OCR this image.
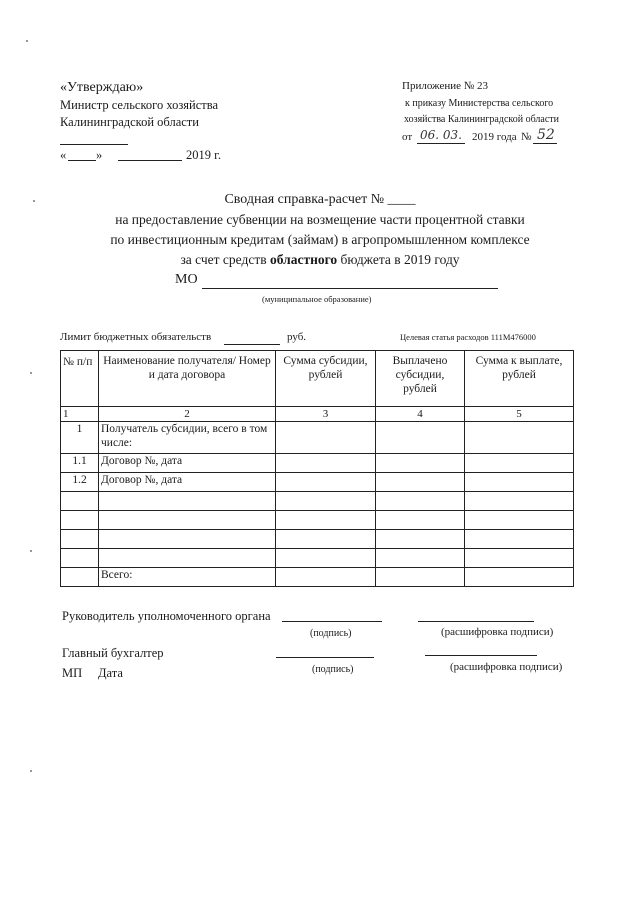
«Утверждаю»
Министр сельского хозяйства
Калининградской области
« »	2019 г.
Приложение № 23
к приказу Министерства сельского
хозяйства Калининградской области
от 06. 03. 2019 года № 52
Сводная справка-расчет № ____
на предоставление субвенции на возмещение части процентной ставки
по инвестиционным кредитам (займам) в агропромышленном комплексе
за счет средств областного бюджета в 2019 году
МО
(муниципальное образование)
Лимит бюджетных обязательств	руб.	Целевая статья расходов 111М476000
№ п/п	Наименование получателя/ Номер и дата договора	Сумма субсидии, рублей	Выплачено субсидии, рублей	Сумма к выплате, рублей
1	2	3	4	5
1	Получатель субсидии, всего в том числе:			
1.1	Договор №, дата			
1.2	Договор №, дата			

	Всего:			
Руководитель уполномоченного органа
(подпись)	(расшифровка подписи)
Главный бухгалтер
МП Дата	(подпись)	(расшифровка подписи)
